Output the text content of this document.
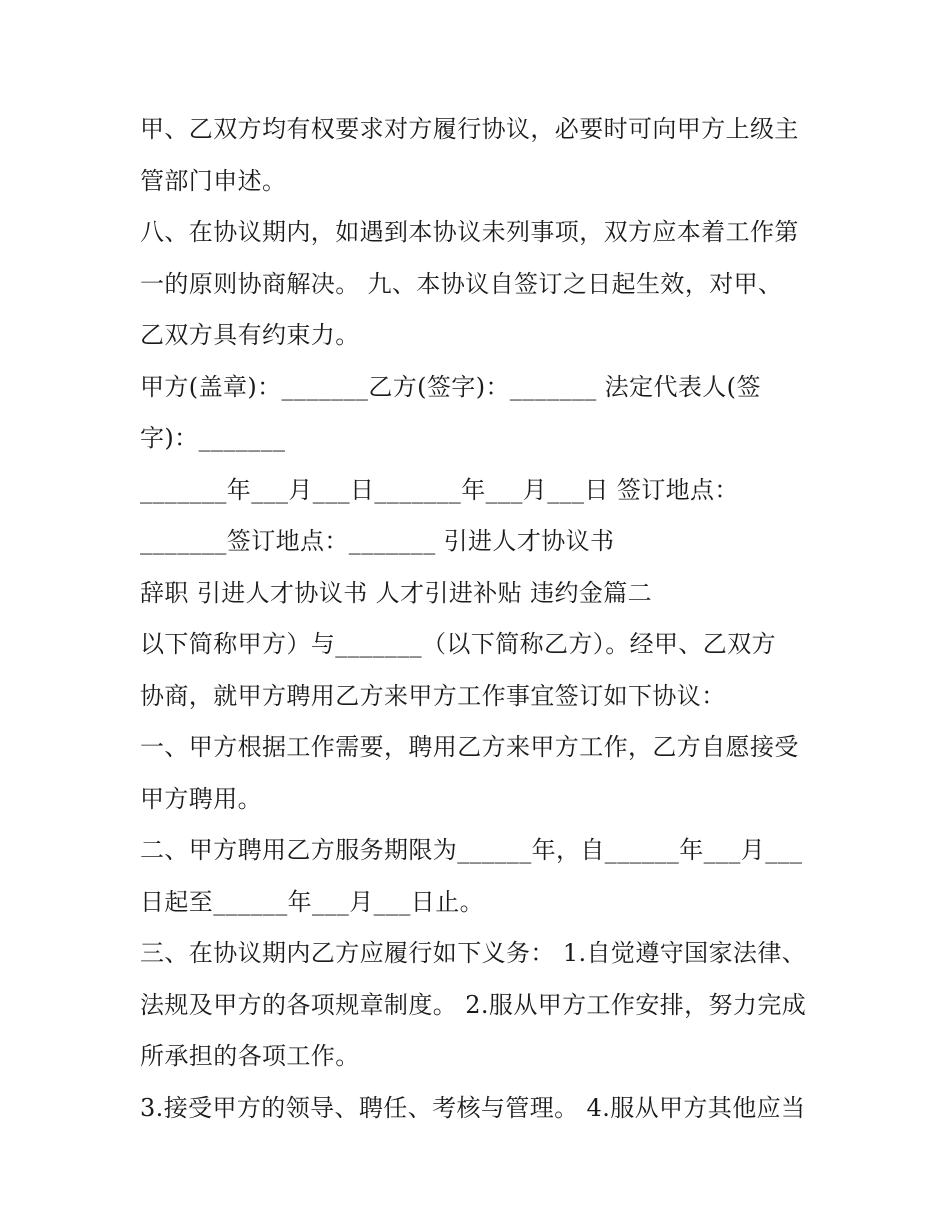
甲、乙双方均有权要求对方履行协议，必要时可向甲方上级主
管部门申述。
八、在协议期内，如遇到本协议未列事项，双方应本着工作第
一的原则协商解决。 九、本协议自签订之日起生效，对甲、
乙双方具有约束力。
甲方(盖章)：_______乙方(签字)：_______ 法定代表人(签
字)：_______
_______年___月___日_______年___月___日 签订地点：
_______签订地点：_______ 引进人才协议书
辞职 引进人才协议书 人才引进补贴 违约金篇二
以下简称甲方）与_______（以下简称乙方）。经甲、乙双方
协商，就甲方聘用乙方来甲方工作事宜签订如下协议：
一、甲方根据工作需要，聘用乙方来甲方工作，乙方自愿接受
甲方聘用。
二、甲方聘用乙方服务期限为______年，自______年___月___
日起至______年___月___日止。
三、在协议期内乙方应履行如下义务： 1.自觉遵守国家法律、
法规及甲方的各项规章制度。 2.服从甲方工作安排，努力完成
所承担的各项工作。
3.接受甲方的领导、聘任、考核与管理。 4.服从甲方其他应当
